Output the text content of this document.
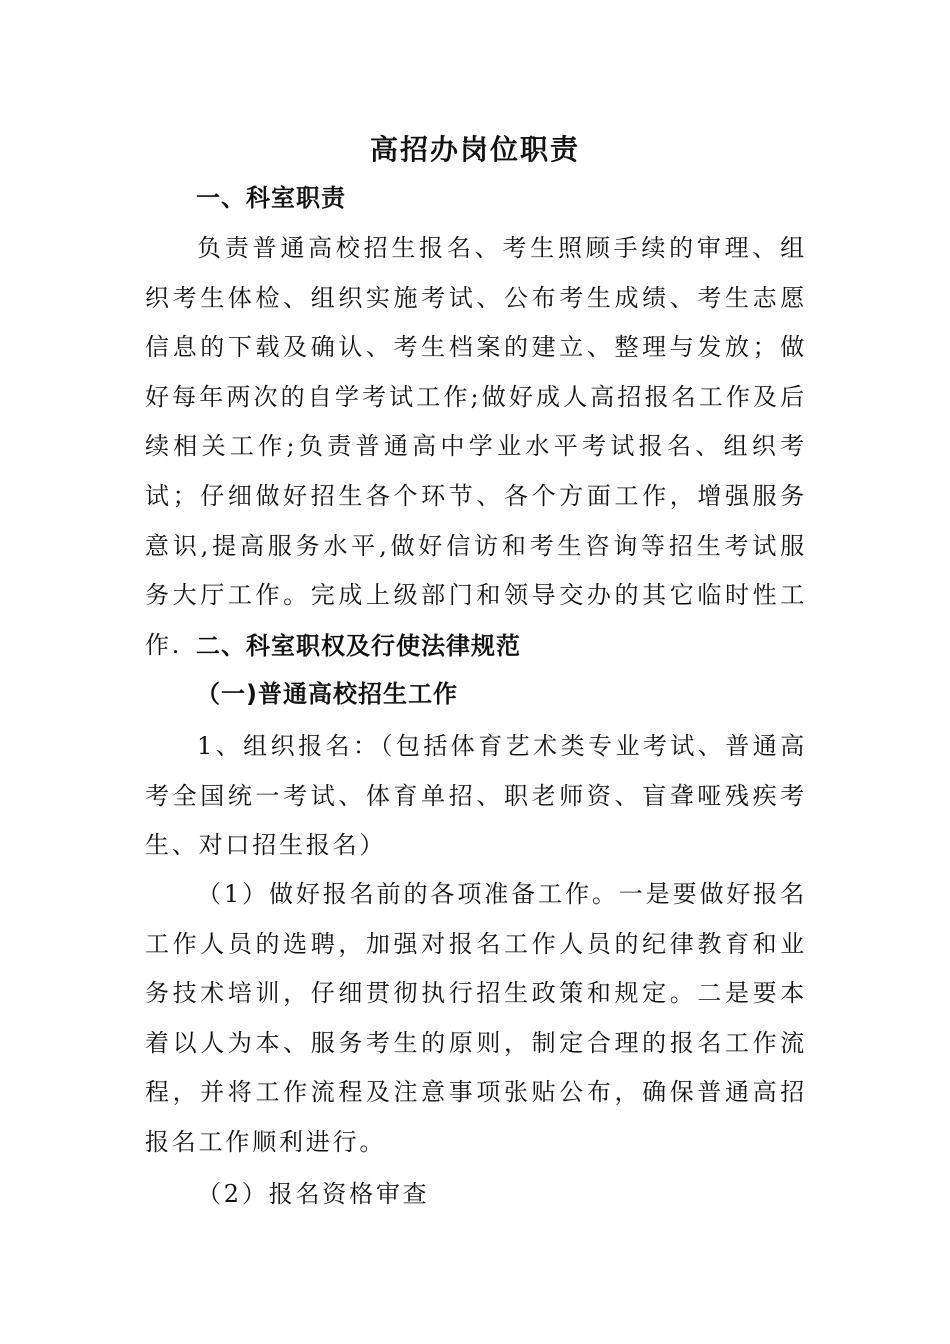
高招办岗位职责
一、科室职责

负责普通高校招生报名、考生照顾手续的审理、组织考生体检、组织实施考试、公布考生成绩、考生志愿信息的下载及确认、考生档案的建立、整理与发放；做好每年两次的自学考试工作;做好成人高招报名工作及后续相关工作;负责普通高中学业水平考试报名、组织考试；仔细做好招生各个环节、各个方面工作，增强服务意识,提高服务水平,做好信访和考生咨询等招生考试服务大厅工作。完成上级部门和领导交办的其它临时性工作. 二、科室职权及行使法律规范
（一)普通高校招生工作

1、组织报名：（包括体育艺术类专业考试、普通高考全国统一考试、体育单招、职老师资、盲聋哑残疾考生、对口招生报名）

（1）做好报名前的各项准备工作。一是要做好报名工作人员的选聘，加强对报名工作人员的纪律教育和业务技术培训，仔细贯彻执行招生政策和规定。二是要本着以人为本、服务考生的原则，制定合理的报名工作流程，并将工作流程及注意事项张贴公布，确保普通高招报名工作顺利进行。

（2）报名资格审查
